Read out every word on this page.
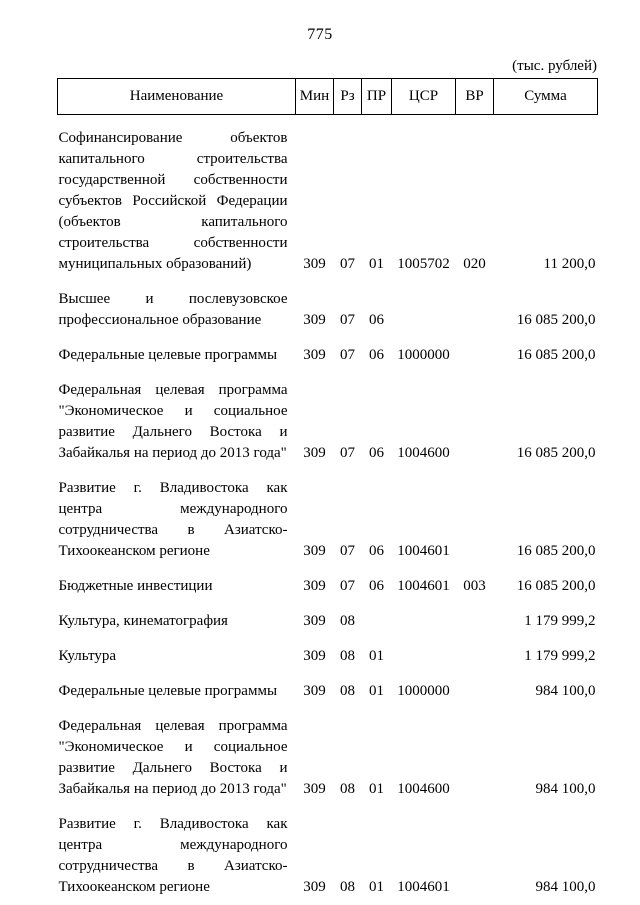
775
(тыс. рублей)
Наименование	Мин	Рз	ПР	ЦСР	ВР	Сумма
Софинансирование объектов капитального строительства государственной собственности субъектов Российской Федерации (объектов капитального строительства собственности муниципальных образований)	309	07	01	1005702	020	11 200,0
Высшее и послевузовское профессиональное образование	309	07	06			16 085 200,0
Федеральные целевые программы	309	07	06	1000000		16 085 200,0
Федеральная целевая программа "Экономическое и социальное развитие Дальнего Востока и Забайкалья на период до 2013 года"	309	07	06	1004600		16 085 200,0
Развитие г. Владивостока как центра международного сотрудничества в Азиатско-Тихоокеанском регионе	309	07	06	1004601		16 085 200,0
Бюджетные инвестиции	309	07	06	1004601	003	16 085 200,0
Культура, кинематография	309	08				1 179 999,2
Культура	309	08	01			1 179 999,2
Федеральные целевые программы	309	08	01	1000000		984 100,0
Федеральная целевая программа "Экономическое и социальное развитие Дальнего Востока и Забайкалья на период до 2013 года"	309	08	01	1004600		984 100,0
Развитие г. Владивостока как центра международного сотрудничества в Азиатско-Тихоокеанском регионе	309	08	01	1004601		984 100,0
